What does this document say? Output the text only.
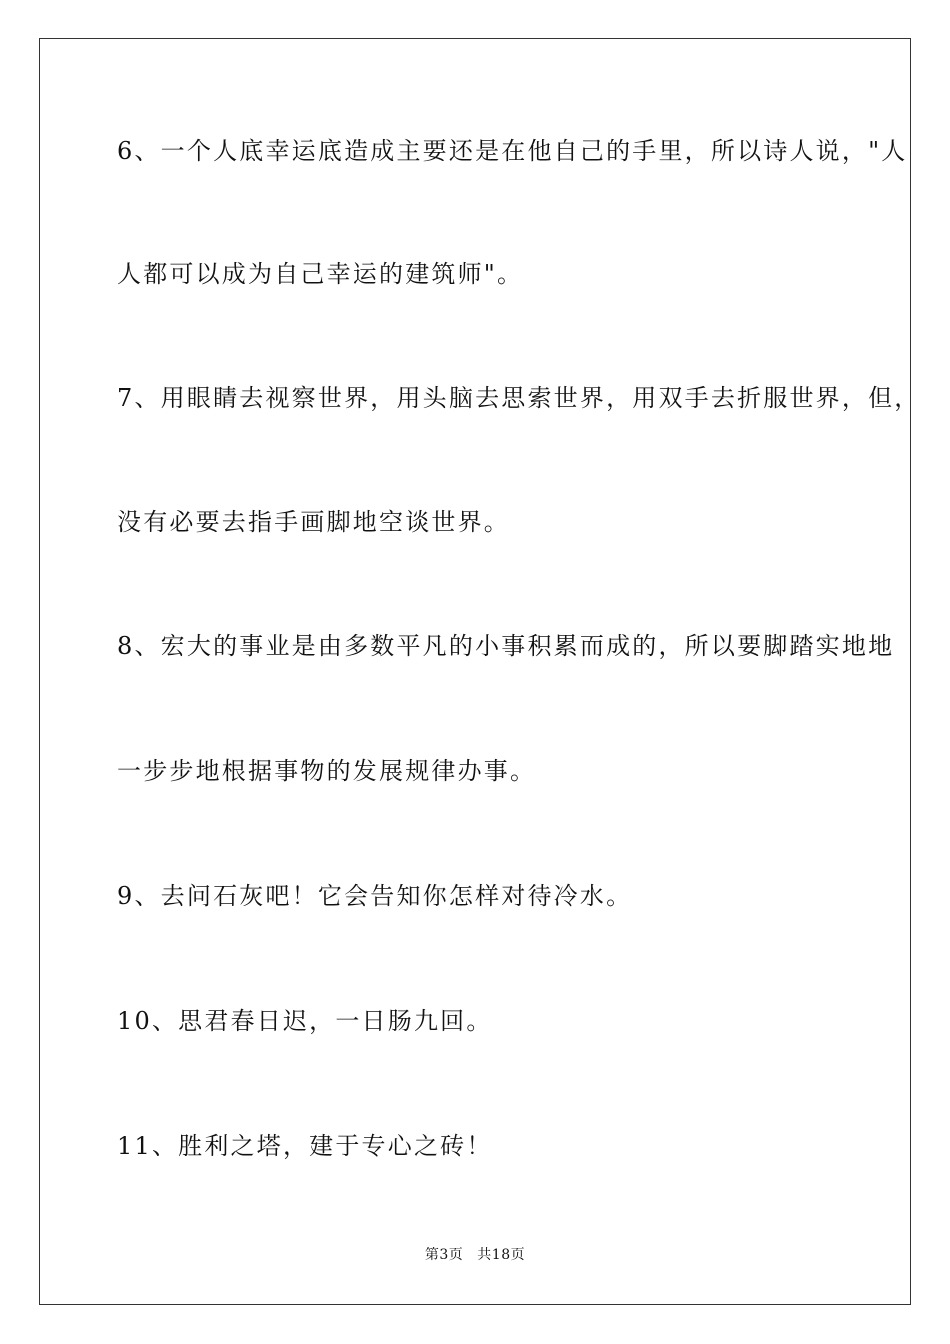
6、一个人底幸运底造成主要还是在他自己的手里，所以诗人说，"人
人都可以成为自己幸运的建筑师"。
7、用眼睛去视察世界，用头脑去思索世界，用双手去折服世界，但，
没有必要去指手画脚地空谈世界。
8、宏大的事业是由多数平凡的小事积累而成的，所以要脚踏实地地
一步步地根据事物的发展规律办事。
9、去问石灰吧！它会告知你怎样对待冷水。
10、思君春日迟，一日肠九回。
11、胜利之塔，建于专心之砖！
第3页 共18页
